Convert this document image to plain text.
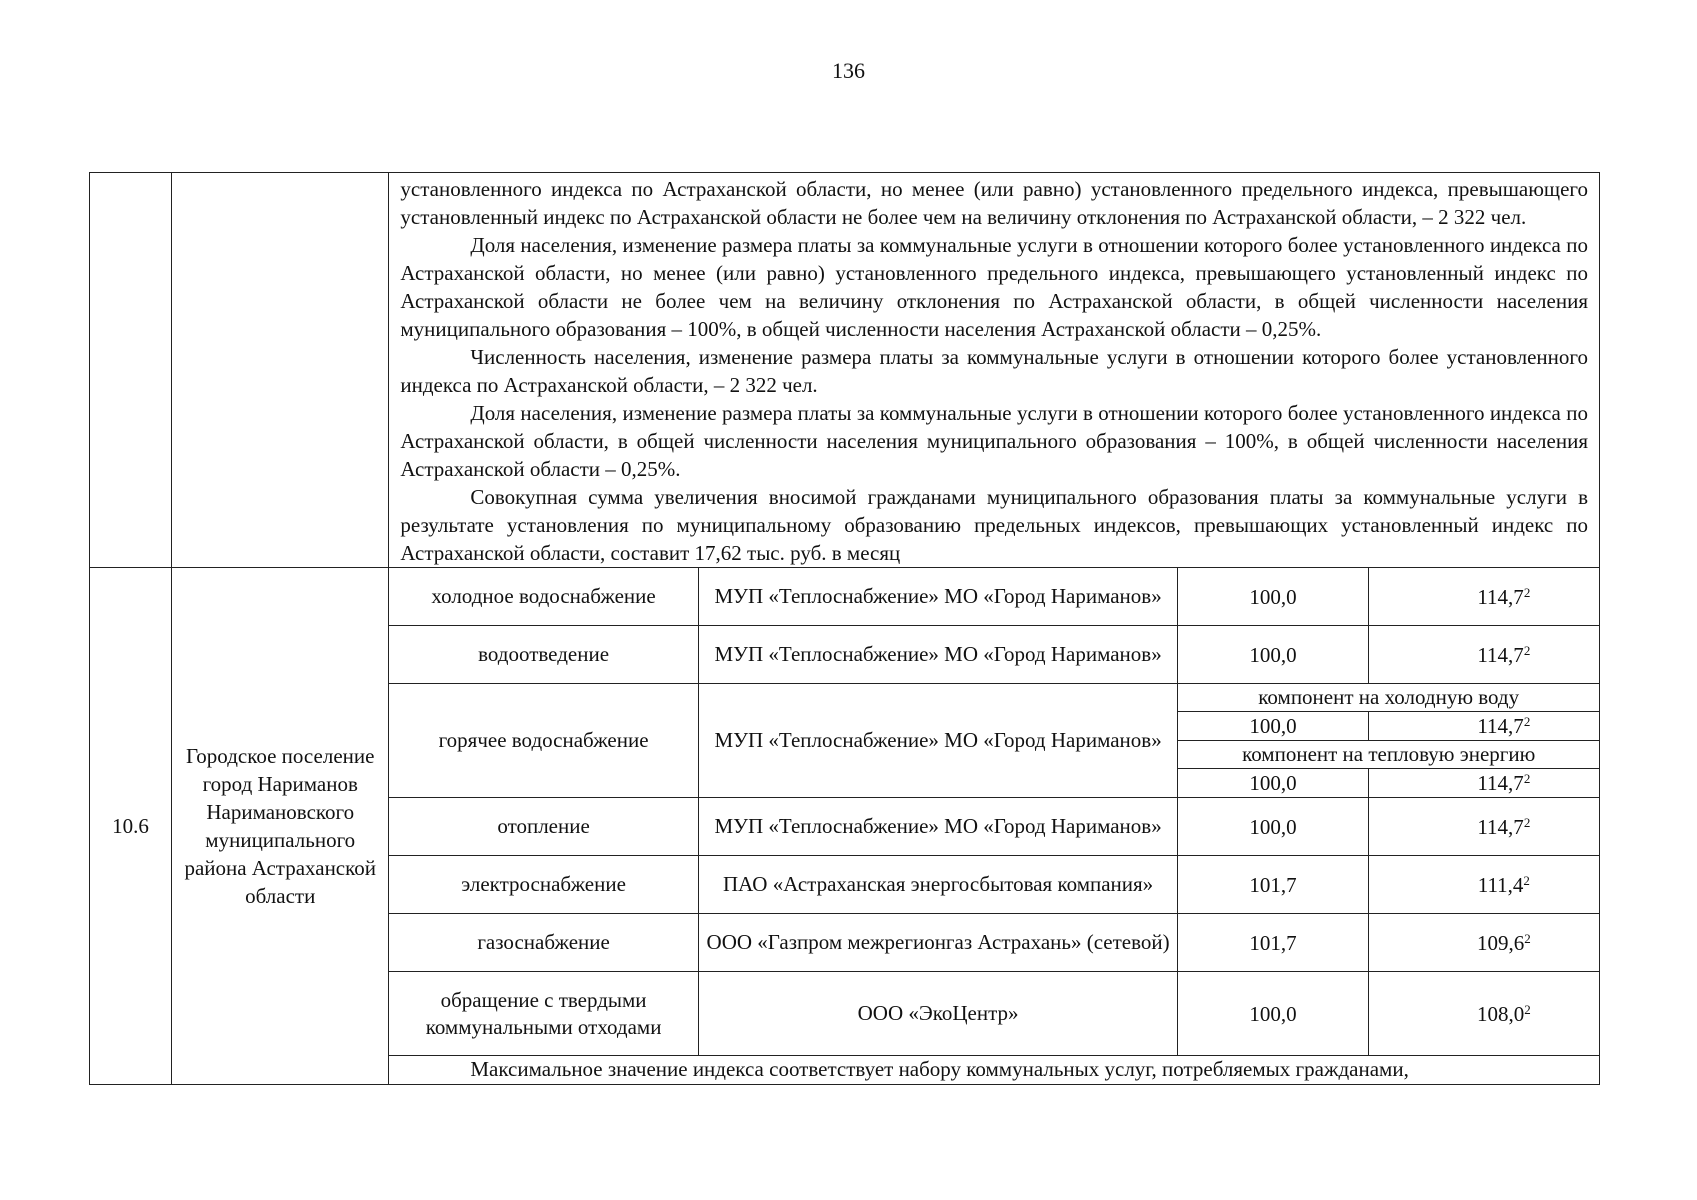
136

		установленного индекса по Астраханской области, но менее (или равно) установленного предельного индекса, превышающего установленный индекс по Астраханской области не более чем на величину отклонения по Астраханской области, – 2 322 чел.

Доля населения, изменение размера платы за коммунальные услуги в отношении которого более установленного индекса по Астраханской области, но менее (или равно) установленного предельного индекса, превышающего установленный индекс по Астраханской области не более чем на величину отклонения по Астраханской области, в общей численности населения муниципального образования – 100%, в общей численности населения Астраханской области – 0,25%.

Численность населения, изменение размера платы за коммунальные услуги в отношении которого более установленного индекса по Астраханской области, – 2 322 чел.

Доля населения, изменение размера платы за коммунальные услуги в отношении которого более установленного индекса по Астраханской области, в общей численности населения муниципального образования – 100%, в общей численности населения Астраханской области – 0,25%.

Совокупная сумма увеличения вносимой гражданами муниципального образования платы за коммунальные услуги в результате установления по муниципальному образованию предельных индексов, превышающих установленный индекс по Астраханской области, составит 17,62 тыс. руб. в месяц			

10.6	Городское поселение город Нариманов Наримановского муниципального района Астраханской области	холодное водоснабжение	МУП «Теплоснабжение» МО «Город Нариманов»	100,0	114,7$^2$
		водоотведение	МУП «Теплоснабжение» МО «Город Нариманов»	100,0	114,7$^2$
		горячее водоснабжение	МУП «Теплоснабжение» МО «Город Нариманов»	компонент на холодную воду	
				100,0	114,7$^2$
				компонент на тепловую энергию	
				100,0	114,7$^2$
		отопление	МУП «Теплоснабжение» МО «Город Нариманов»	100,0	114,7$^2$
		электроснабжение	ПАО «Астраханская энергосбытовая компания»	101,7	111,4$^2$
		газоснабжение	ООО «Газпром межрегионгаз Астрахань» (сетевой)	101,7	109,6$^2$
		обращение с твердыми коммунальными отходами	ООО «ЭкоЦентр»	100,0	108,0$^2$
		Максимальное значение индекса соответствует набору коммунальных услуг, потребляемых гражданами,			
